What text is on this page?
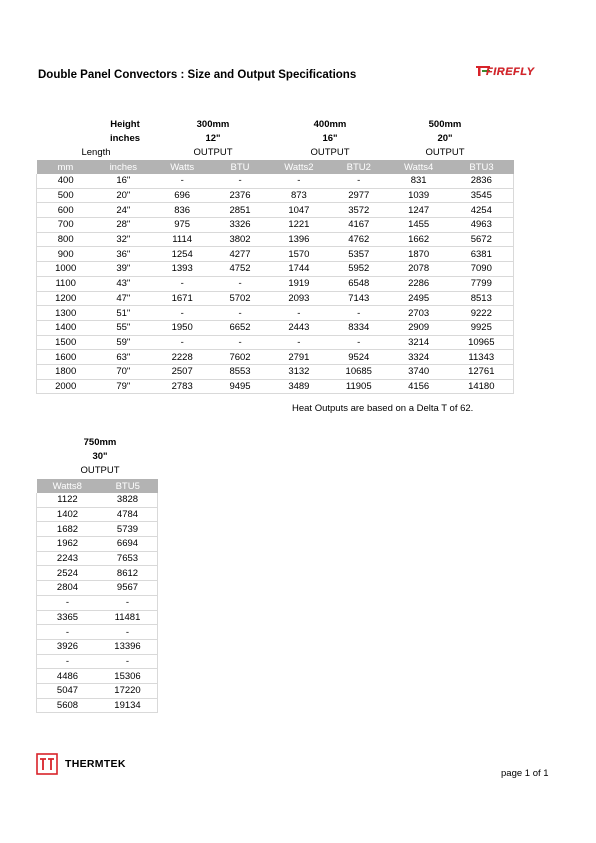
Double Panel Convectors : Size and Output Specifications	FIREFLY
Height
inches
Length
300mm
12"
OUTPUT
400mm
16"
OUTPUT
500mm
20"
OUTPUT
mm	inches	Watts	BTU	Watts2	BTU2	Watts4	BTU3
400	16"	-	-	-	-	831	2836
500	20"	696	2376	873	2977	1039	3545
600	24"	836	2851	1047	3572	1247	4254
700	28"	975	3326	1221	4167	1455	4963
800	32"	1114	3802	1396	4762	1662	5672
900	36"	1254	4277	1570	5357	1870	6381
1000	39"	1393	4752	1744	5952	2078	7090
1100	43"	-	-	1919	6548	2286	7799
1200	47"	1671	5702	2093	7143	2495	8513
1300	51"	-	-	-	-	2703	9222
1400	55"	1950	6652	2443	8334	2909	9925
1500	59"	-	-	-	-	3214	10965
1600	63"	2228	7602	2791	9524	3324	11343
1800	70"	2507	8553	3132	10685	3740	12761
2000	79"	2783	9495	3489	11905	4156	14180
Heat Outputs are based on a Delta T of 62.
750mm
30"
OUTPUT
Watts8	BTU5
1122	3828
1402	4784
1682	5739
1962	6694
2243	7653
2524	8612
2804	9567
-	-
3365	11481
-	-
3926	13396
-	-
4486	15306
5047	17220
5608	19134
THERMTEK
page 1 of 1
